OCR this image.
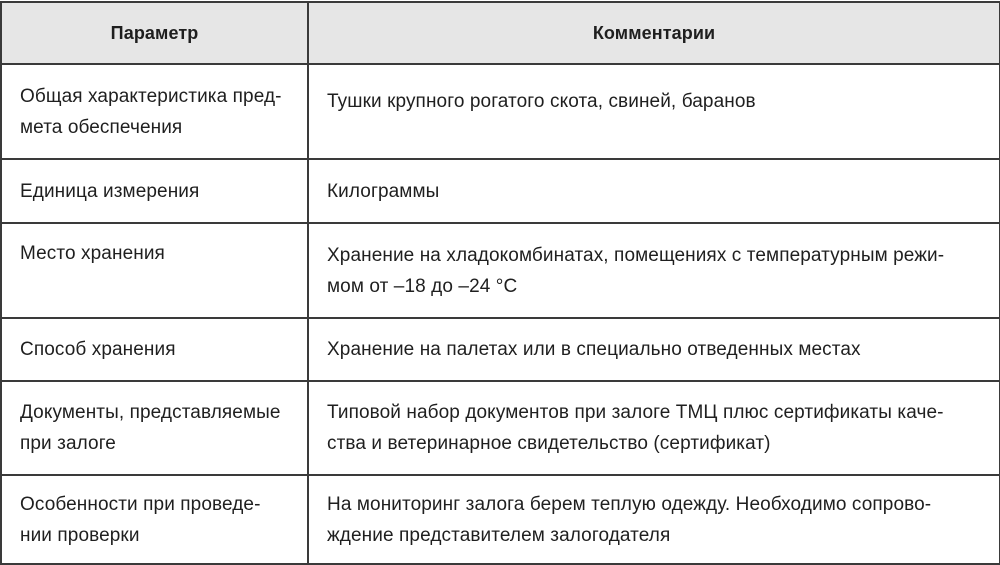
Параметр	Комментарии

Общая характеристика пред-
мета обеспечения	Тушки крупного рогатого скота, свиней, баранов

Единица измерения	Килограммы

Место хранения	Хранение на хладокомбинатах, помещениях с температурным режи-
мом от –18 до –24 °С

Способ хранения	Хранение на палетах или в специально отведенных местах

Документы, представляемые
при залоге	Типовой набор документов при залоге ТМЦ плюс сертификаты каче-
ства и ветеринарное свидетельство (сертификат)

Особенности при проведе-
нии проверки	На мониторинг залога берем теплую одежду. Необходимо сопрово-
ждение представителем залогодателя
